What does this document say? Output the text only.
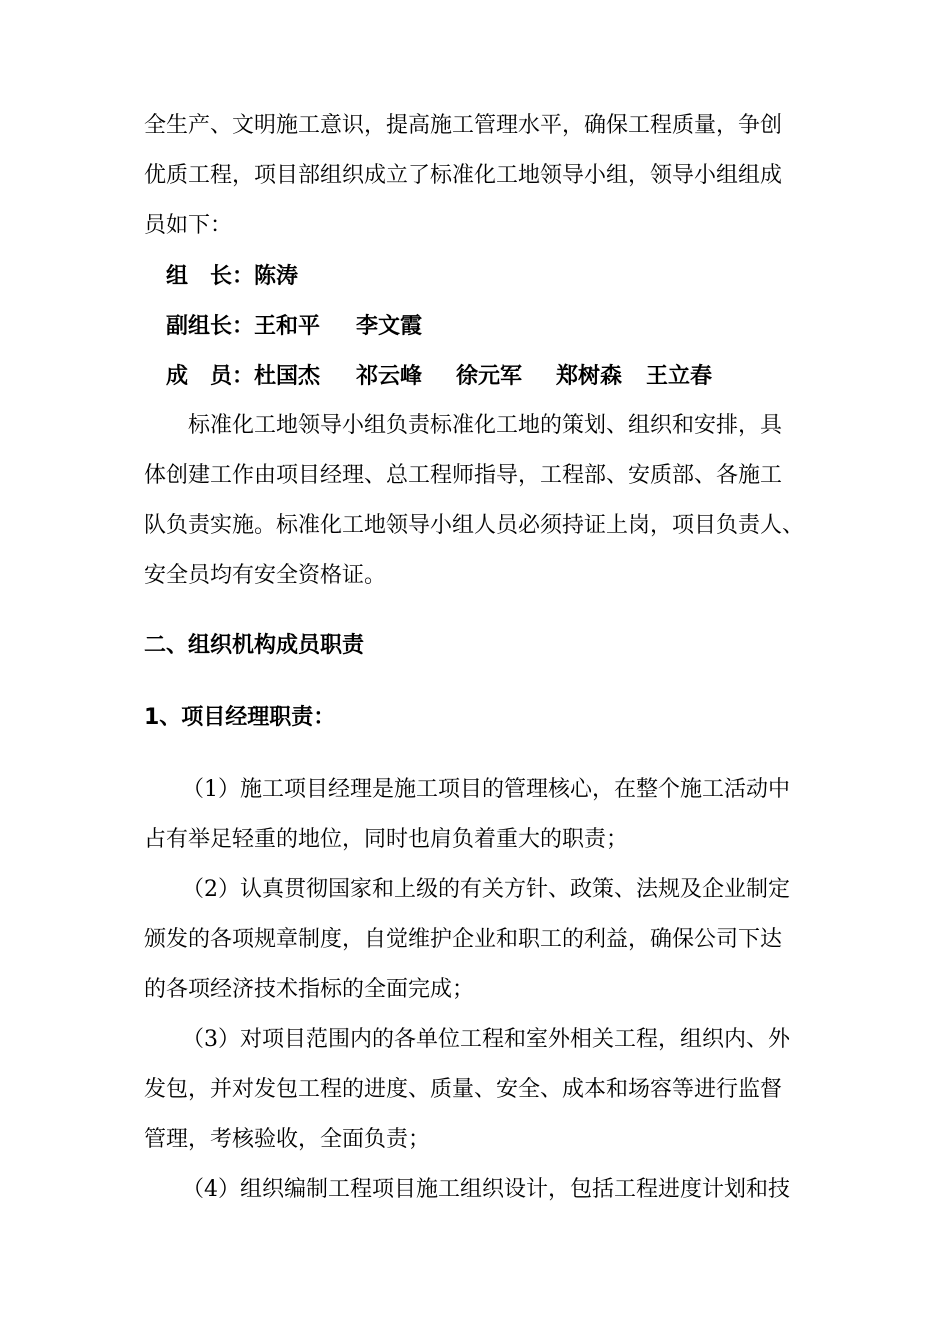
全生产、文明施工意识，提高施工管理水平，确保工程质量，争创
优质工程，项目部组织成立了标准化工地领导小组，领导小组组成
员如下：
组　长： 陈涛
副组长： 王和平 李文霞
成　员： 杜国杰 祁云峰 徐元军 郑树森 王立春
标准化工地领导小组负责标准化工地的策划、组织和安排，具
体创建工作由项目经理、总工程师指导，工程部、安质部、各施工
队负责实施。标准化工地领导小组人员必须持证上岗，项目负责人、
安全员均有安全资格证。
二、组织机构成员职责
1、项目经理职责：
（1）施工项目经理是施工项目的管理核心，在整个施工活动中
占有举足轻重的地位，同时也肩负着重大的职责；
（2）认真贯彻国家和上级的有关方针、政策、法规及企业制定
颁发的各项规章制度，自觉维护企业和职工的利益，确保公司下达
的各项经济技术指标的全面完成；
（3）对项目范围内的各单位工程和室外相关工程，组织内、外
发包，并对发包工程的进度、质量、安全、成本和场容等进行监督
管理，考核验收，全面负责；
（4）组织编制工程项目施工组织设计，包括工程进度计划和技
